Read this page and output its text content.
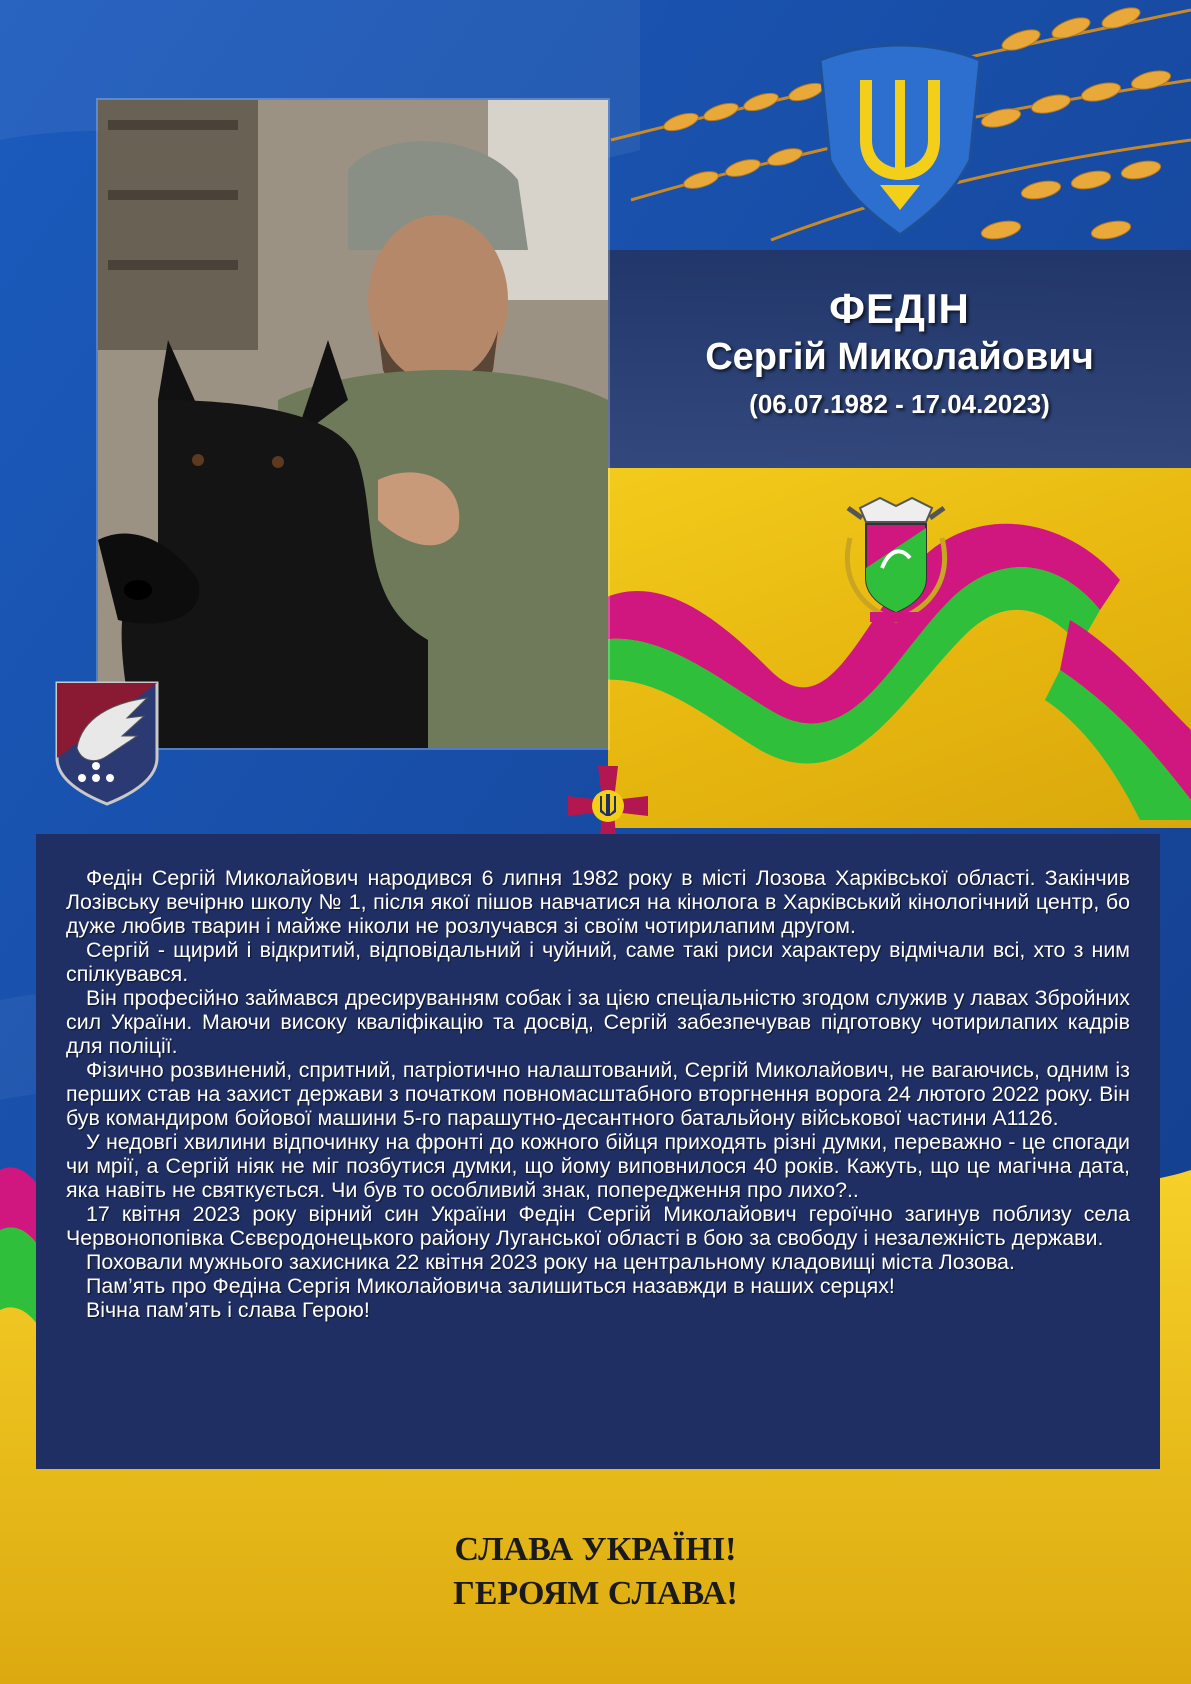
ФЕДІН
Сергій Миколайович
(06.07.1982 - 17.04.2023)

Федін Сергій Миколайович народився 6 липня 1982 року в місті Лозова Харківської області. Закінчив Лозівську вечірню школу № 1, після якої пішов навчатися на кінолога в Харківський кінологічний центр, бо дуже любив тварин і майже ніколи не розлучався зі своїм чотирилапим другом.

Сергій - щирий і відкритий, відповідальний і чуйний, саме такі риси характеру відмічали всі, хто з ним спілкувався.

Він професійно займався дресируванням собак і за цією спеціальністю згодом служив у лавах Збройних сил України. Маючи високу кваліфікацію та досвід, Сергій забезпечував підготовку чотирилапих кадрів для поліції.

Фізично розвинений, спритний, патріотично налаштований, Сергій Миколайович, не вагаючись, одним із перших став на захист держави з початком повномасштабного вторгнення ворога 24 лютого 2022 року. Він був командиром бойової машини 5-го парашутно-десантного батальйону військової частини А1126.

У недовгі хвилини відпочинку на фронті до кожного бійця приходять різні думки, переважно - це спогади чи мрії, а Сергій ніяк не міг позбутися думки, що йому виповнилося 40 років. Кажуть, що це магічна дата, яка навіть не святкується. Чи був то особливий знак, попередження про лихо?..

17 квітня 2023 року вірний син України Федін Сергій Миколайович героїчно загинув поблизу села Червонопопівка Сєвєродонецького району Луганської області в бою за свободу і незалежність держави.

Поховали мужнього захисника 22 квітня 2023 року на центральному кладовищі міста Лозова.

Пам’ять про Федіна Сергія Миколайовича залишиться назавжди в наших серцях!

Вічна пам’ять і слава Герою!

СЛАВА УКРАЇНІ!
ГЕРОЯМ СЛАВА!
